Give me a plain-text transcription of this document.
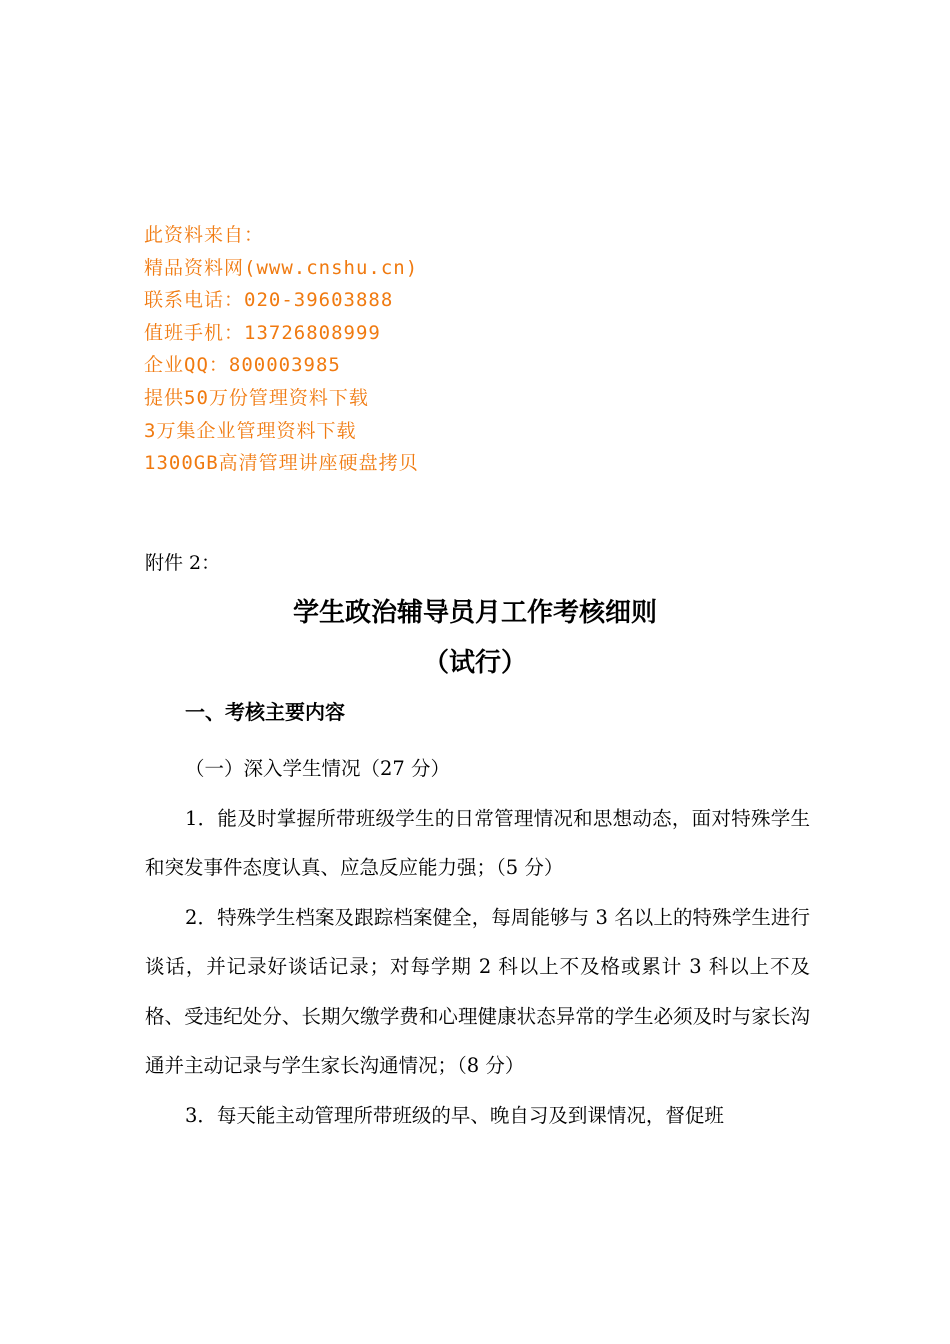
此资料来自：
精品资料网(www.cnshu.cn)
联系电话：020-39603888
值班手机：13726808999
企业QQ：800003985
提供50万份管理资料下载
3万集企业管理资料下载
1300GB高清管理讲座硬盘拷贝
附件 2：
学生政治辅导员月工作考核细则
（试行）
一、考核主要内容

（一）深入学生情况（27 分）

1．能及时掌握所带班级学生的日常管理情况和思想动态，面对特殊学生和突发事件态度认真、应急反应能力强；（5 分）

2．特殊学生档案及跟踪档案健全，每周能够与 3 名以上的特殊学生进行谈话，并记录好谈话记录；对每学期 2 科以上不及格或累计 3 科以上不及格、受违纪处分、长期欠缴学费和心理健康状态异常的学生必须及时与家长沟通并主动记录与学生家长沟通情况；（8 分）

3．每天能主动管理所带班级的早、晚自习及到课情况，督促班
